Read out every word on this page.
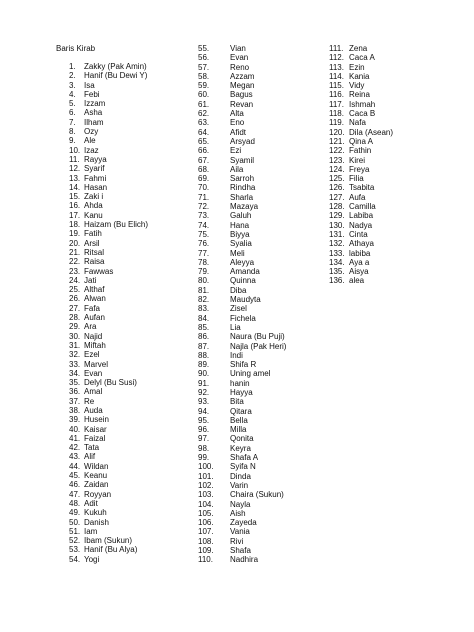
Baris Kirab
1. Zakky (Pak Amin)
2. Hanif (Bu Dewi Y)
3. Isa
4. Febi
5. Izzam
6. Asha
7. Ilham
8. Ozy
9. Ale
10. Izaz
11. Rayya
12. Syarif
13. Fahmi
14. Hasan
15. Zaki i
16. Ahda
17. Kanu
18. Haizam (Bu Elich)
19. Fatih
20. Arsil
21. Ritsal
22. Raisa
23. Fawwas
24. Jati
25. Althaf
26. Alwan
27. Fafa
28. Aufan
29. Ara
30. Najid
31. Miftah
32. Ezel
33. Marvel
34. Evan
35. Delyl (Bu Susi)
36. Amal
37. Re
38. Auda
39. Husein
40. Kaisar
41. Faizal
42. Tata
43. Alif
44. Wildan
45. Keanu
46. Zaidan
47. Royyan
48. Adit
49. Kukuh
50. Danish
51. Iam
52. Ibam (Sukun)
53. Hanif (Bu Alya)
54. Yogi
55.	Vian
56.	Evan
57.	Reno
58.	Azzam
59.	Megan
60.	Bagus
61.	Revan
62.	Alta
63.	Eno
64.	Afidt
65.	Arsyad
66.	Ezi
67.	Syamil
68.	Aila
69.	Sarroh
70.	Rindha
71.	Sharla
72.	Mazaya
73.	Galuh
74.	Hana
75.	Biyya
76.	Syalia
77.	Meli
78.	Aleyya
79.	Amanda
80.	Quinna
81.	Diba
82.	Maudyta
83.	Zisel
84.	Fichela
85.	Lia
86.	Naura (Bu Puji)
87.	Najla (Pak Heri)
88.	Indi
89.	Shifa R
90.	Uning amel
91.	hanin
92.	Hayya
93.	Bita
94.	Qitara
95.	Bella
96.	Milla
97.	Qonita
98.	Keyra
99.	Shafa A
100. Syifa N
101. Dinda
102. Varin
103. Chaira (Sukun)
104. Nayla
105. Aish
106. Zayeda
107. Vania
108. Rivi
109. Shafa
110. Nadhira
111. Zena
112. Caca A
113. Ezin
114. Kania
115. Vidy
116. Reina
117. Ishmah
118. Caca B
119. Nafa
120. Dila (Asean)
121. Qina A
122. Fathin
123. Kirei
124. Freya
125. Filia
126. Tsabita
127. Aufa
128. Camilla
129. Labiba
130. Nadya
131. Cinta
132. Athaya
133. labiba
134. Aya a
135. Aisya
136. alea
